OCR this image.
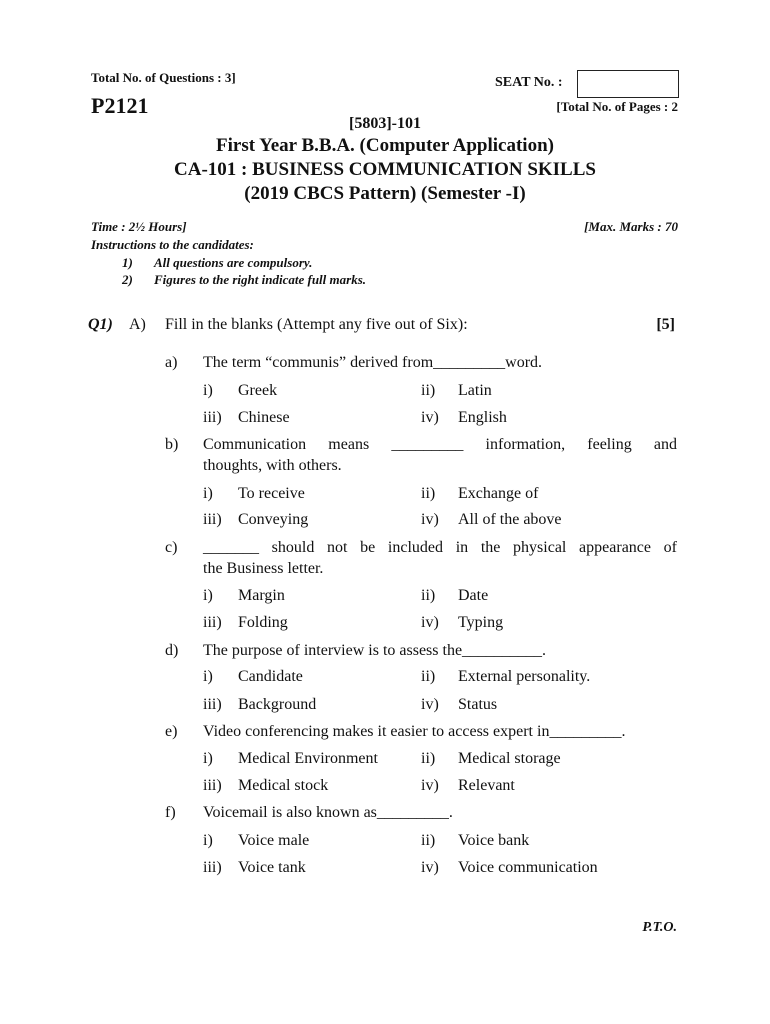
Total No. of Questions : 3]	SEAT No. :
P2121	[Total No. of Pages : 2
[5803]-101
First Year B.B.A. (Computer Application)
CA-101 : BUSINESS COMMUNICATION SKILLS
(2019 CBCS Pattern) (Semester -I)
Time : 2½ Hours]	[Max. Marks : 70
Instructions to the candidates:
1) All questions are compulsory.
2) Figures to the right indicate full marks.
Q1) A) Fill in the blanks (Attempt any five out of Six):	[5]
a) The term “communis” derived from_________word.
i) Greek	ii) Latin
iii) Chinese	iv) English
b) Communication means _________ information, feeling and
thoughts, with others.
i) To receive	ii) Exchange of
iii) Conveying	iv) All of the above
c) _______ should not be included in the physical appearance of
the Business letter.
i) Margin	ii) Date
iii) Folding	iv) Typing
d) The purpose of interview is to assess the__________.
i) Candidate	ii) External personality.
iii) Background	iv) Status
e) Video conferencing makes it easier to access expert in_________.
i) Medical Environment	ii) Medical storage
iii) Medical stock	iv) Relevant
f) Voicemail is also known as_________.
i) Voice male	ii) Voice bank
iii) Voice tank	iv) Voice communication
P.T.O.
